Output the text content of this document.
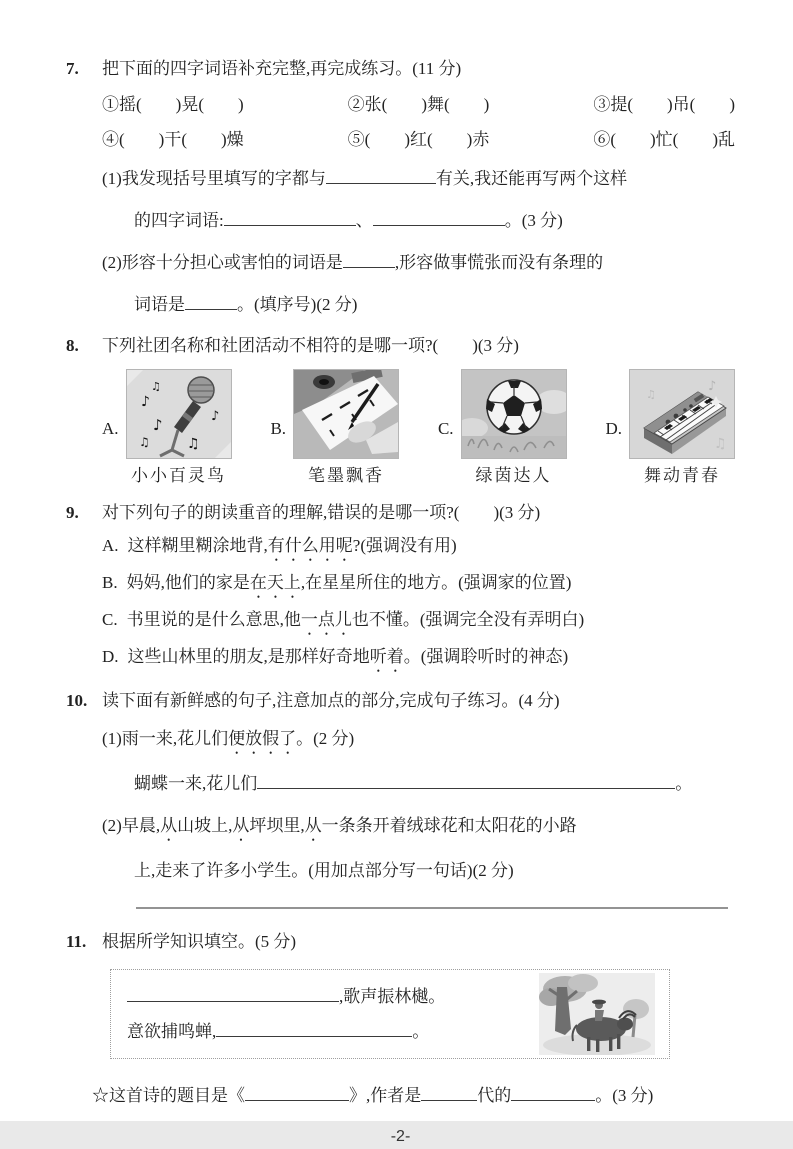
7.	把下面的四字词语补充完整,再完成练习。(11 分)
①摇(　　)晃(　　)	②张(　　)舞(　　)	③提(　　)吊(　　)
④(　　)干(　　)燥	⑤(　　)红(　　)赤	⑥(　　)忙(　　)乱
(1)我发现括号里填写的字都与	有关,我还能再写两个这样
的四字词语:	、	。(3 分)
(2)形容十分担心或害怕的词语是	,形容做事慌张而没有条理的
词语是	。(填序号)(2 分)
8.	下列社团名称和社团活动不相符的是哪一项?(　　)(3 分)
A.
♪
♫
♪
♫
♪
♫
小小百灵鸟
B.
笔墨飘香
C.
绿茵达人
D.
♪
♫
♫
舞动青春
9.	对下列句子的朗读重音的理解,错误的是哪一项?(　　)(3 分)
A. 这样糊里糊涂地背,有什么用呢?(强调没有用)
B. 妈妈,他们的家是在天上,在星星所住的地方。(强调家的位置)
C. 书里说的是什么意思,他一点儿也不懂。(强调完全没有弄明白)
D. 这些山林里的朋友,是那样好奇地听着。(强调聆听时的神态)
10. 读下面有新鲜感的句子,注意加点的部分,完成句子练习。(4 分)
(1)雨一来,花儿们便放假了。(2 分)
蝴蝶一来,花儿们	。
(2)早晨,从山坡上,从坪坝里,从一条条开着绒球花和太阳花的小路
上,走来了许多小学生。(用加点部分写一句话)(2 分)
11. 根据所学知识填空。(5 分)
,歌声振林樾。
意欲捕鸣蝉,	。
☆这首诗的题目是《	》,作者是	代的	。(3 分)
-2-
